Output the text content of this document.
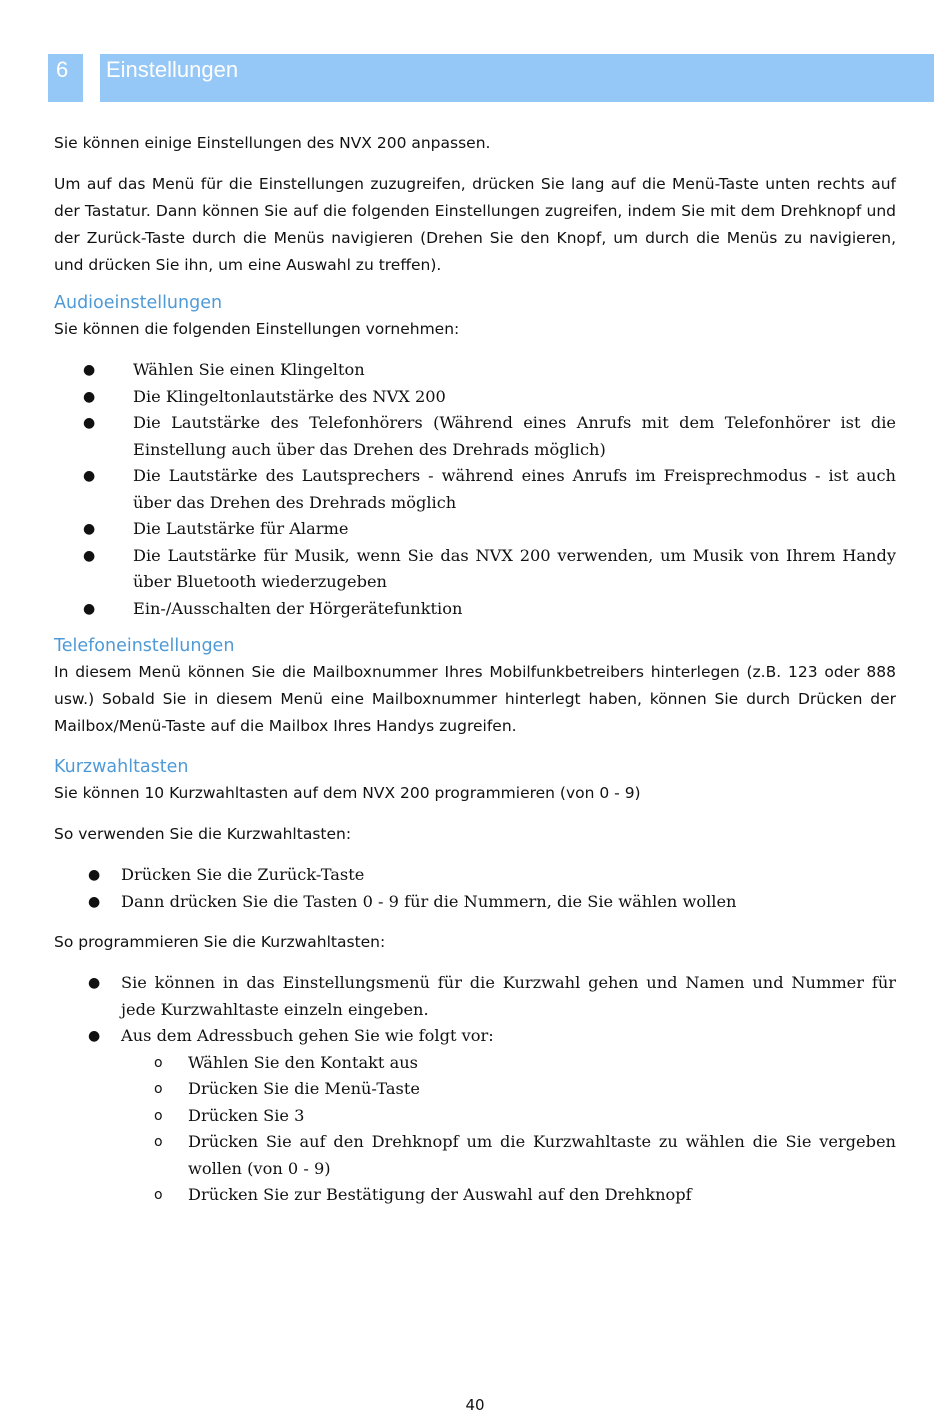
6 Einstellungen

Sie können einige Einstellungen des NVX 200 anpassen.

Um auf das Menü für die Einstellungen zuzugreifen, drücken Sie lang auf die Menü-Taste unten rechts auf der Tastatur. Dann können Sie auf die folgenden Einstellungen zugreifen, indem Sie mit dem Drehknopf und der Zurück-Taste durch die Menüs navigieren (Drehen Sie den Knopf, um durch die Menüs zu navigieren, und drücken Sie ihn, um eine Auswahl zu treffen).

Audioeinstellungen

Sie können die folgenden Einstellungen vornehmen:

● Wählen Sie einen Klingelton
● Die Klingeltonlautstärke des NVX 200
● Die Lautstärke des Telefonhörers (Während eines Anrufs mit dem Telefonhörer ist die Einstellung auch über das Drehen des Drehrads möglich)
● Die Lautstärke des Lautsprechers - während eines Anrufs im Freisprechmodus - ist auch über das Drehen des Drehrads möglich
● Die Lautstärke für Alarme
● Die Lautstärke für Musik, wenn Sie das NVX 200 verwenden, um Musik von Ihrem Handy über Bluetooth wiederzugeben
● Ein-/Ausschalten der Hörgerätefunktion
Telefoneinstellungen

In diesem Menü können Sie die Mailboxnummer Ihres Mobilfunkbetreibers hinterlegen (z.B. 123 oder 888 usw.) Sobald Sie in diesem Menü eine Mailboxnummer hinterlegt haben, können Sie durch Drücken der Mailbox/Menü-Taste auf die Mailbox Ihres Handys zugreifen.

Kurzwahltasten

Sie können 10 Kurzwahltasten auf dem NVX 200 programmieren (von 0 - 9)

So verwenden Sie die Kurzwahltasten:

● Drücken Sie die Zurück-Taste
● Dann drücken Sie die Tasten 0 - 9 für die Nummern, die Sie wählen wollen

So programmieren Sie die Kurzwahltasten:

● Sie können in das Einstellungsmenü für die Kurzwahl gehen und Namen und Nummer für jede Kurzwahltaste einzeln eingeben.
● Aus dem Adressbuch gehen Sie wie folgt vor:
o Wählen Sie den Kontakt aus
o Drücken Sie die Menü-Taste
o Drücken Sie 3
o Drücken Sie auf den Drehknopf um die Kurzwahltaste zu wählen die Sie vergeben wollen (von 0 - 9)
o Drücken Sie zur Bestätigung der Auswahl auf den Drehknopf
40
